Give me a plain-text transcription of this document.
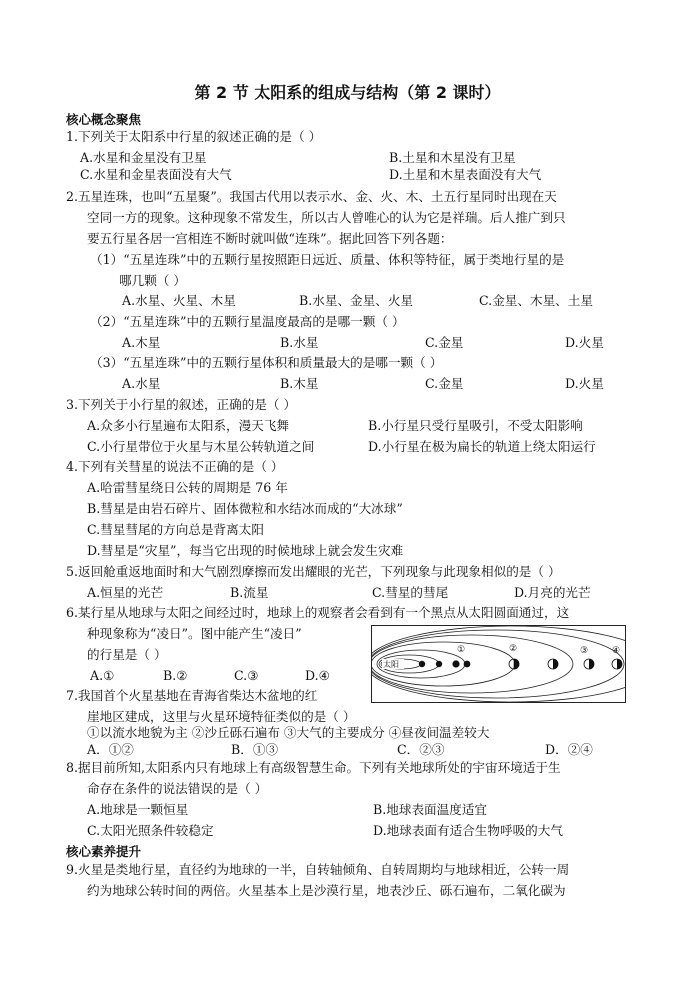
第 2 节 太阳系的组成与结构（第 2 课时）
核心概念聚焦
1.下列关于太阳系中行星的叙述正确的是（ ）
A.水星和金星没有卫星	B.土星和木星没有卫星
C.水星和金星表面没有大气	D.土星和木星表面没有大气
2.五星连珠，也叫“五星聚”。我国古代用以表示水、金、火、木、土五行星同时出现在天
空同一方的现象。这种现象不常发生，所以古人曾唯心的认为它是祥瑞。后人推广到只
要五行星各居一宫相连不断时就叫做“连珠”。据此回答下列各题：
（1）“五星连珠”中的五颗行星按照距日远近、质量、体积等特征，属于类地行星的是
哪几颗（ ）
A.水星、火星、木星	B.水星、金星、火星	C.金星、木星、土星
（2）“五星连珠”中的五颗行星温度最高的是哪一颗（ ）
A.木星	B.水星	C.金星	D.火星
（3）“五星连珠”中的五颗行星体积和质量最大的是哪一颗（ ）
A.水星	B.木星	C.金星	D.火星
3.下列关于小行星的叙述，正确的是（ ）
A.众多小行星遍布太阳系，漫天飞舞	B.小行星只受行星吸引，不受太阳影响
C.小行星带位于火星与木星公转轨道之间	D.小行星在极为扁长的轨道上绕太阳运行
4.下列有关彗星的说法不正确的是（ ）
A.哈雷彗星绕日公转的周期是 76 年
B.彗星是由岩石碎片、固体微粒和水结冰而成的“大冰球”
C.彗星彗尾的方向总是背离太阳
D.彗星是“灾星”，每当它出现的时候地球上就会发生灾难
5.返回舱重返地面时和大气剧烈摩擦而发出耀眼的光芒，下列现象与此现象相似的是（ ）
A.恒星的光芒	B.流星	C.彗星的彗尾	D.月亮的光芒
6.某行星从地球与太阳之间经过时，地球上的观察者会看到有一个黑点从太阳圆面通过，这
种现象称为“凌日”。图中能产生“凌日”
的行星是（ ）
A.①	B.②	C.③	D.④
太阳
①	②	③	④
7.我国首个火星基地在青海省柴达木盆地的红
崖地区建成，这里与火星环境特征类似的是（ ）
①以流水地貌为主 ②沙丘砾石遍布 ③大气的主要成分 ④昼夜间温差较大
A．①②	B．①③	C．②③	D．②④
8.据目前所知,太阳系内只有地球上有高级智慧生命。下列有关地球所处的宇宙环境适于生
命存在条件的说法错误的是（ ）
A.地球是一颗恒星	B.地球表面温度适宜
C.太阳光照条件较稳定	D.地球表面有适合生物呼吸的大气
核心素养提升
9.火星是类地行星，直径约为地球的一半，自转轴倾角、自转周期均与地球相近，公转一周
约为地球公转时间的两倍。火星基本上是沙漠行星，地表沙丘、砾石遍布，二氧化碳为
